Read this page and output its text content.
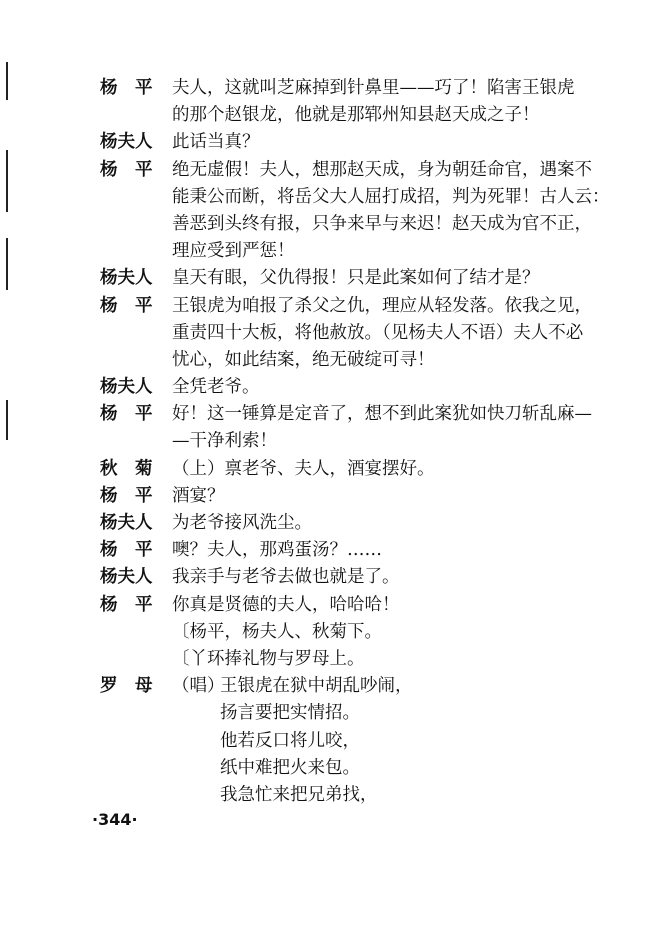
杨　平 夫人，这就叫芝麻掉到针鼻里——巧了！陷害王银虎
的那个赵银龙，他就是那郓州知县赵天成之子！
杨夫人 此话当真？
杨　平 绝无虚假！夫人，想那赵天成，身为朝廷命官，遇案不
能秉公而断，将岳父大人屈打成招，判为死罪！古人云：
善恶到头终有报，只争来早与来迟！赵天成为官不正，
理应受到严惩！
杨夫人 皇天有眼，父仇得报！只是此案如何了结才是？
杨　平 王银虎为咱报了杀父之仇，理应从轻发落。依我之见，
重责四十大板，将他赦放。（见杨夫人不语）夫人不必
忧心，如此结案，绝无破绽可寻！
杨夫人 全凭老爷。
杨　平 好！这一锤算是定音了，想不到此案犹如快刀斩乱麻—
—干净利索！
秋　菊 （上）禀老爷、夫人，酒宴摆好。
杨　平 酒宴？
杨夫人 为老爷接风洗尘。
杨　平 噢？夫人，那鸡蛋汤？……
杨夫人 我亲手与老爷去做也就是了。
杨　平 你真是贤德的夫人，哈哈哈！
〔杨平，杨夫人、秋菊下。
〔丫环捧礼物与罗母上。
罗　母 （唱）
王银虎在狱中胡乱吵闹，
扬言要把实情招。
他若反口将儿咬，
纸中难把火来包。
我急忙来把兄弟找，
·344·
